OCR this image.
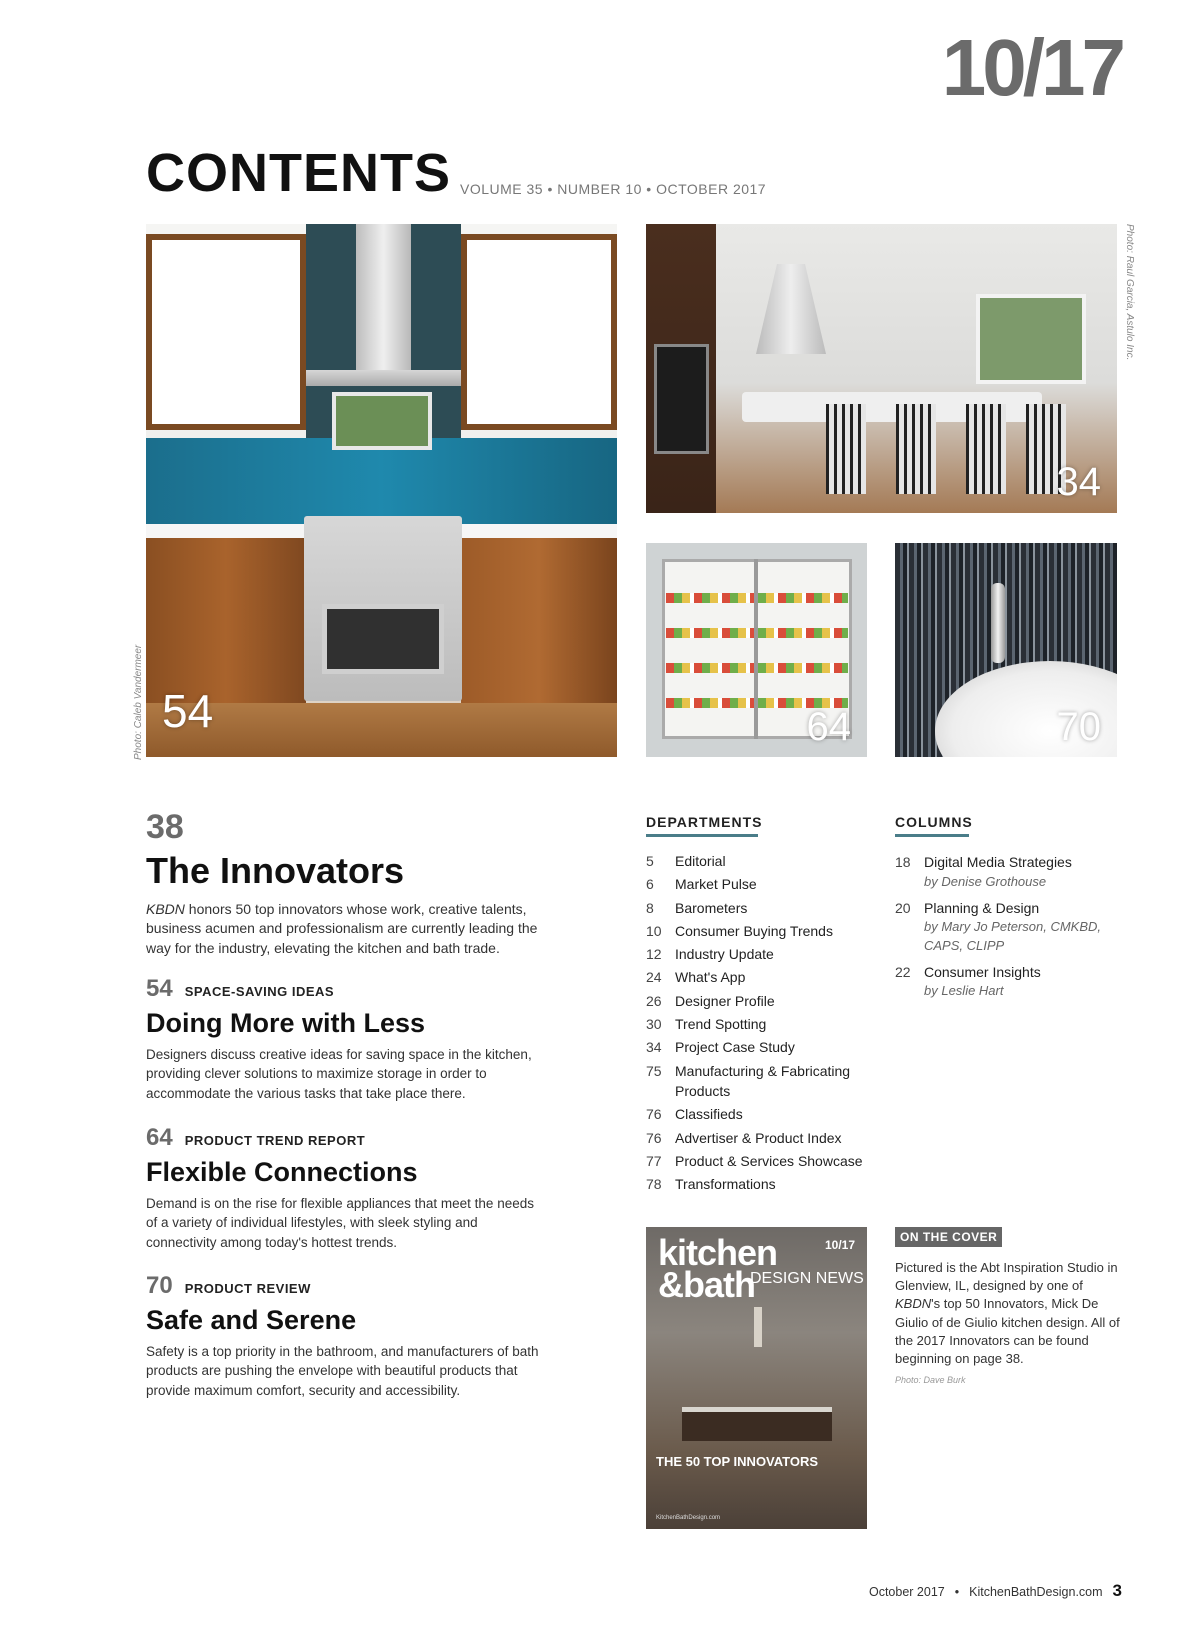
10/17
CONTENTS VOLUME 35 • NUMBER 10 • OCTOBER 2017
54
Photo: Caleb Vandermeer
34
Photo: Raul Garcia, Astulo Inc.
64	70
38
The Innovators
KBDN honors 50 top innovators whose work, creative talents, business acumen and professionalism are currently leading the way for the industry, elevating the kitchen and bath trade.
54 SPACE-SAVING IDEAS
Doing More with Less
Designers discuss creative ideas for saving space in the kitchen, providing clever solutions to maximize storage in order to accommodate the various tasks that take place there.
64 PRODUCT TREND REPORT
Flexible Connections
Demand is on the rise for flexible appliances that meet the needs of a variety of individual lifestyles, with sleek styling and connectivity among today's hottest trends.
70 PRODUCT REVIEW
Safe and Serene
Safety is a top priority in the bathroom, and manufacturers of bath products are pushing the envelope with beautiful products that provide maximum comfort, security and accessibility.
DEPARTMENTS
5	Editorial
6	Market Pulse
8	Barometers
10 Consumer Buying Trends
12 Industry Update
24 What's App
26 Designer Profile
30 Trend Spotting
34 Project Case Study
75 Manufacturing & Fabricating Products
76 Classifieds
76 Advertiser & Product Index
77 Product & Services Showcase
78 Transformations
COLUMNS
18 Digital Media Strategies
by Denise Grothouse
20 Planning & Design
by Mary Jo Peterson, CMKBD, CAPS, CLIPP
22 Consumer Insights
by Leslie Hart
kitchen &bath
DESIGN NEWS
10/17
THE 50 TOP INNOVATORS
KitchenBathDesign.com
ON THE COVER
Pictured is the Abt Inspiration Studio in Glenview, IL, designed by one of KBDN's top 50 Innovators, Mick De Giulio of de Giulio kitchen design. All of the 2017 Innovators can be found beginning on page 38.
Photo: Dave Burk
October 2017 • KitchenBathDesign.com 3
